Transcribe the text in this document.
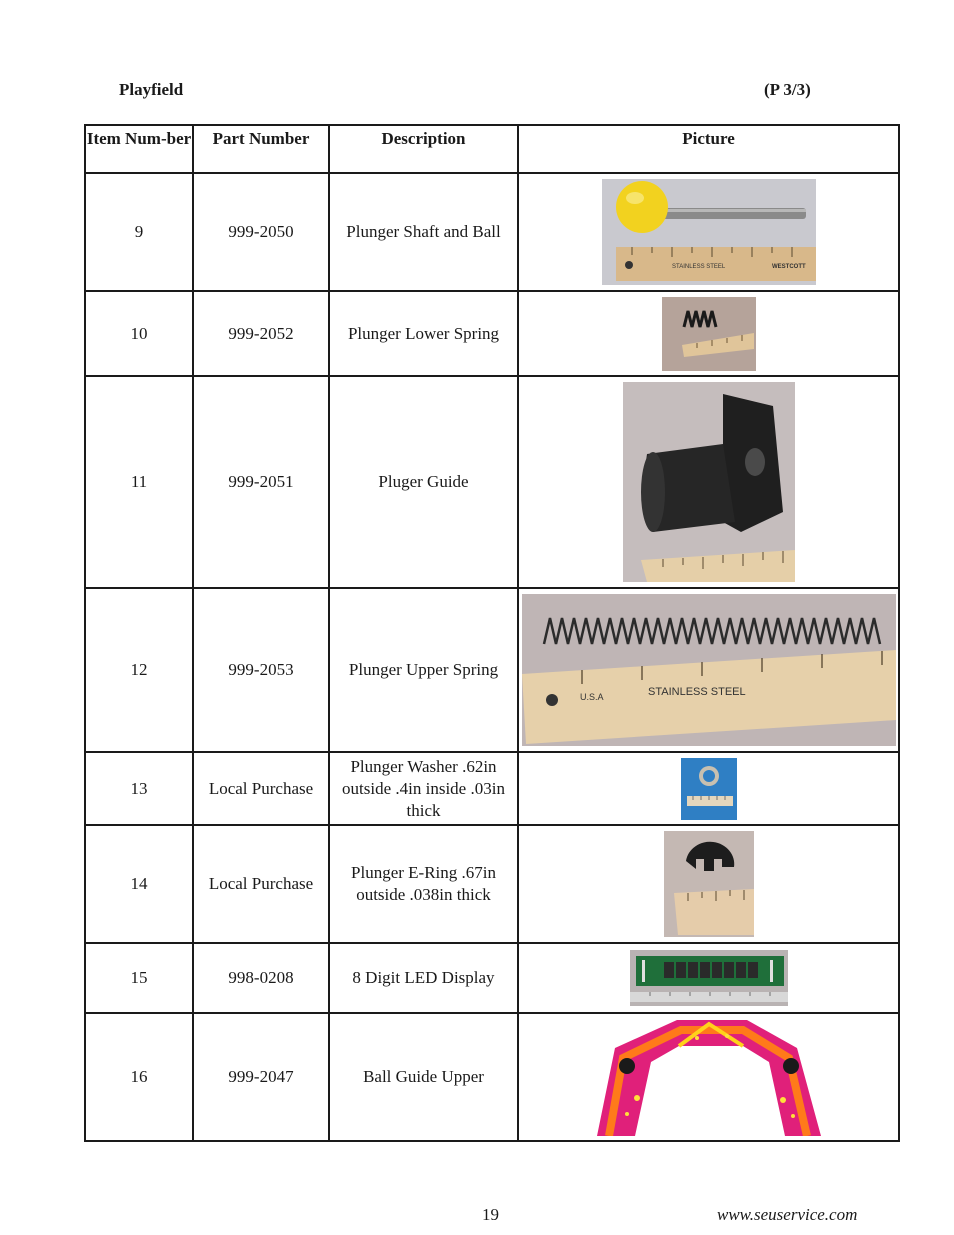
Playfield	(P 3/3)
Item Num-ber	Part Number	Description	Picture
9	999-2050	Plunger Shaft and Ball	STAINLESS STEEL WESTCOTT

10	999-2052	Plunger Lower Spring	

11	999-2051	Pluger Guide	

12	999-2053	Plunger Upper Spring	U.S.A STAINLESS STEEL

13	Local Purchase	Plunger Washer .62in outside .4in inside .03in thick	

14	Local Purchase	Plunger E-Ring .67in outside .038in thick	

15	998-0208	8 Digit LED Display	

16	999-2047	Ball Guide Upper	
19	www.seuservice.com
